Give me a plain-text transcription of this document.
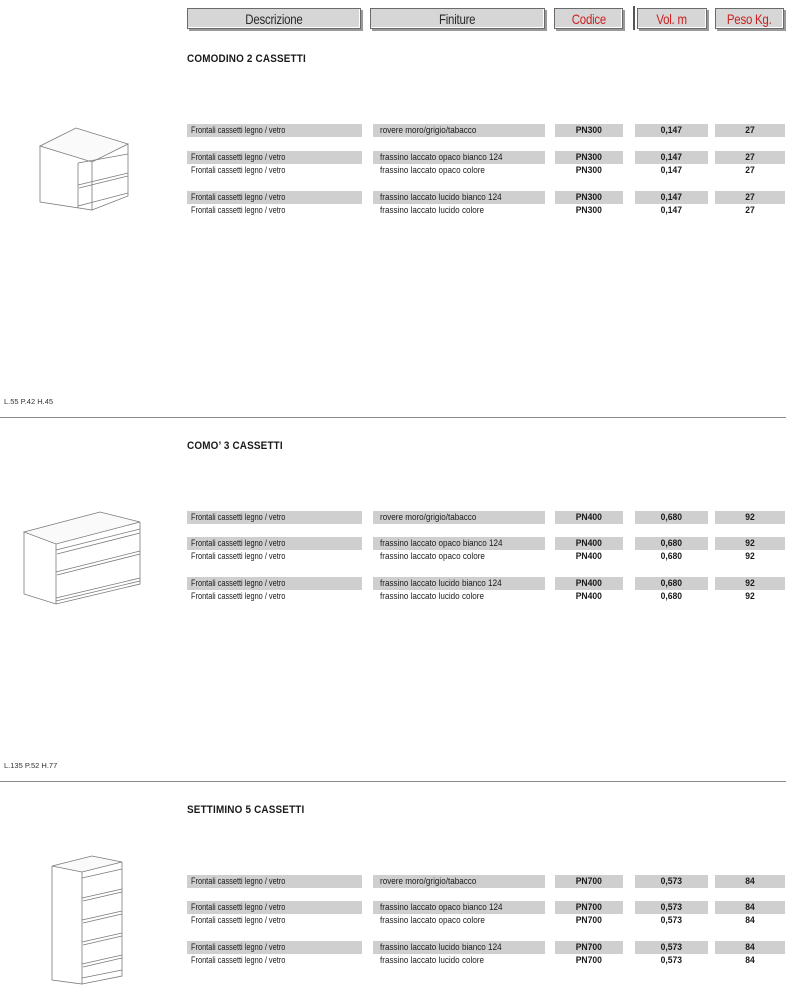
Descrizione	Finiture	Codice	Vol. m	Peso Kg.
COMODINO 2 CASSETTI
Frontali cassetti legno / vetro	rovere moro/grigio/tabacco	PN300	0,147	27
Frontali cassetti legno / vetro	frassino laccato opaco bianco 124	PN300	0,147	27
Frontali cassetti legno / vetro	frassino laccato opaco colore	PN300	0,147	27
Frontali cassetti legno / vetro	frassino laccato lucido bianco 124	PN300	0,147	27
Frontali cassetti legno / vetro	frassino laccato lucido colore	PN300	0,147	27
L.55 P.42 H.45
COMO’ 3 CASSETTI
Frontali cassetti legno / vetro	rovere moro/grigio/tabacco	PN400	0,680	92
Frontali cassetti legno / vetro	frassino laccato opaco bianco 124	PN400	0,680	92
Frontali cassetti legno / vetro	frassino laccato opaco colore	PN400	0,680	92
Frontali cassetti legno / vetro	frassino laccato lucido bianco 124	PN400	0,680	92
Frontali cassetti legno / vetro	frassino laccato lucido colore	PN400	0,680	92
L.135 P.52 H.77
SETTIMINO 5 CASSETTI
Frontali cassetti legno / vetro	rovere moro/grigio/tabacco	PN700	0,573	84
Frontali cassetti legno / vetro	frassino laccato opaco bianco 124	PN700	0,573	84
Frontali cassetti legno / vetro	frassino laccato opaco colore	PN700	0,573	84
Frontali cassetti legno / vetro	frassino laccato lucido bianco 124	PN700	0,573	84
Frontali cassetti legno / vetro	frassino laccato lucido colore	PN700	0,573	84
